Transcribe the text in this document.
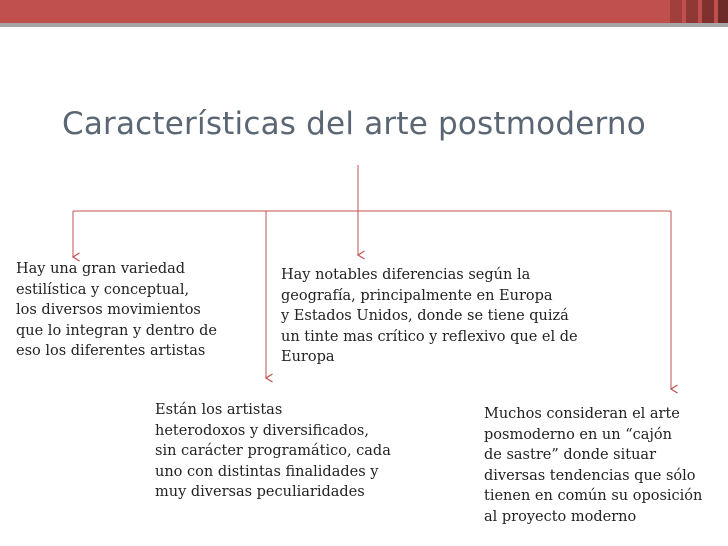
Características del arte postmoderno
Hay una gran variedad
estilística y conceptual,
los diversos movimientos
que lo integran y dentro de
eso los diferentes artistas
Hay notables diferencias según la
geografía, principalmente en Europa
y Estados Unidos, donde se tiene quizá
un tinte mas crítico y reflexivo que el de
Europa
Están los artistas
heterodoxos y diversificados,
sin carácter programático, cada
uno con distintas finalidades y
muy diversas peculiaridades
Muchos consideran el arte
posmoderno en un “cajón
de sastre” donde situar
diversas tendencias que sólo
tienen en común su oposición
al proyecto moderno
